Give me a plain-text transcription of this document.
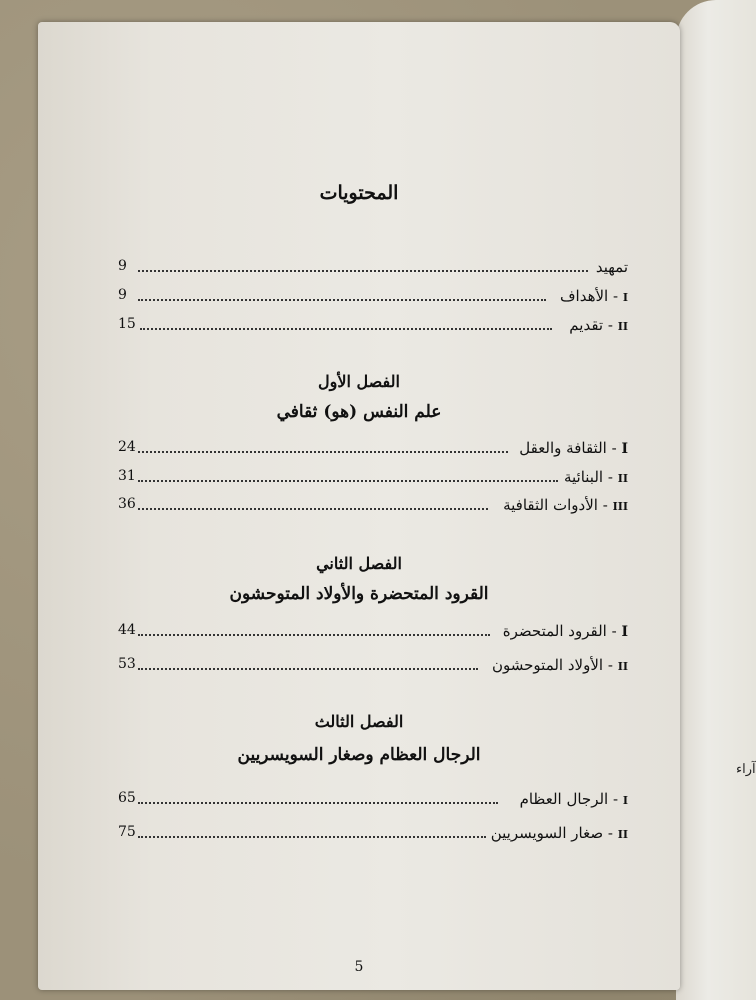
آراء
المحتويات
9	تمهيد
9	I - الأهداف
15	II - تقديم
الفصل الأول
علم النفس (هو) ثقافي
24	I - الثقافة والعقل
31	II - البنائية
36	III - الأدوات الثقافية
الفصل الثاني
القرود المتحضرة والأولاد المتوحشون
44	I - القرود المتحضرة
53	II - الأولاد المتوحشون
الفصل الثالث
الرجال العظام وصغار السويسريين
65	I - الرجال العظام
75	II - صغار السويسريين
5
